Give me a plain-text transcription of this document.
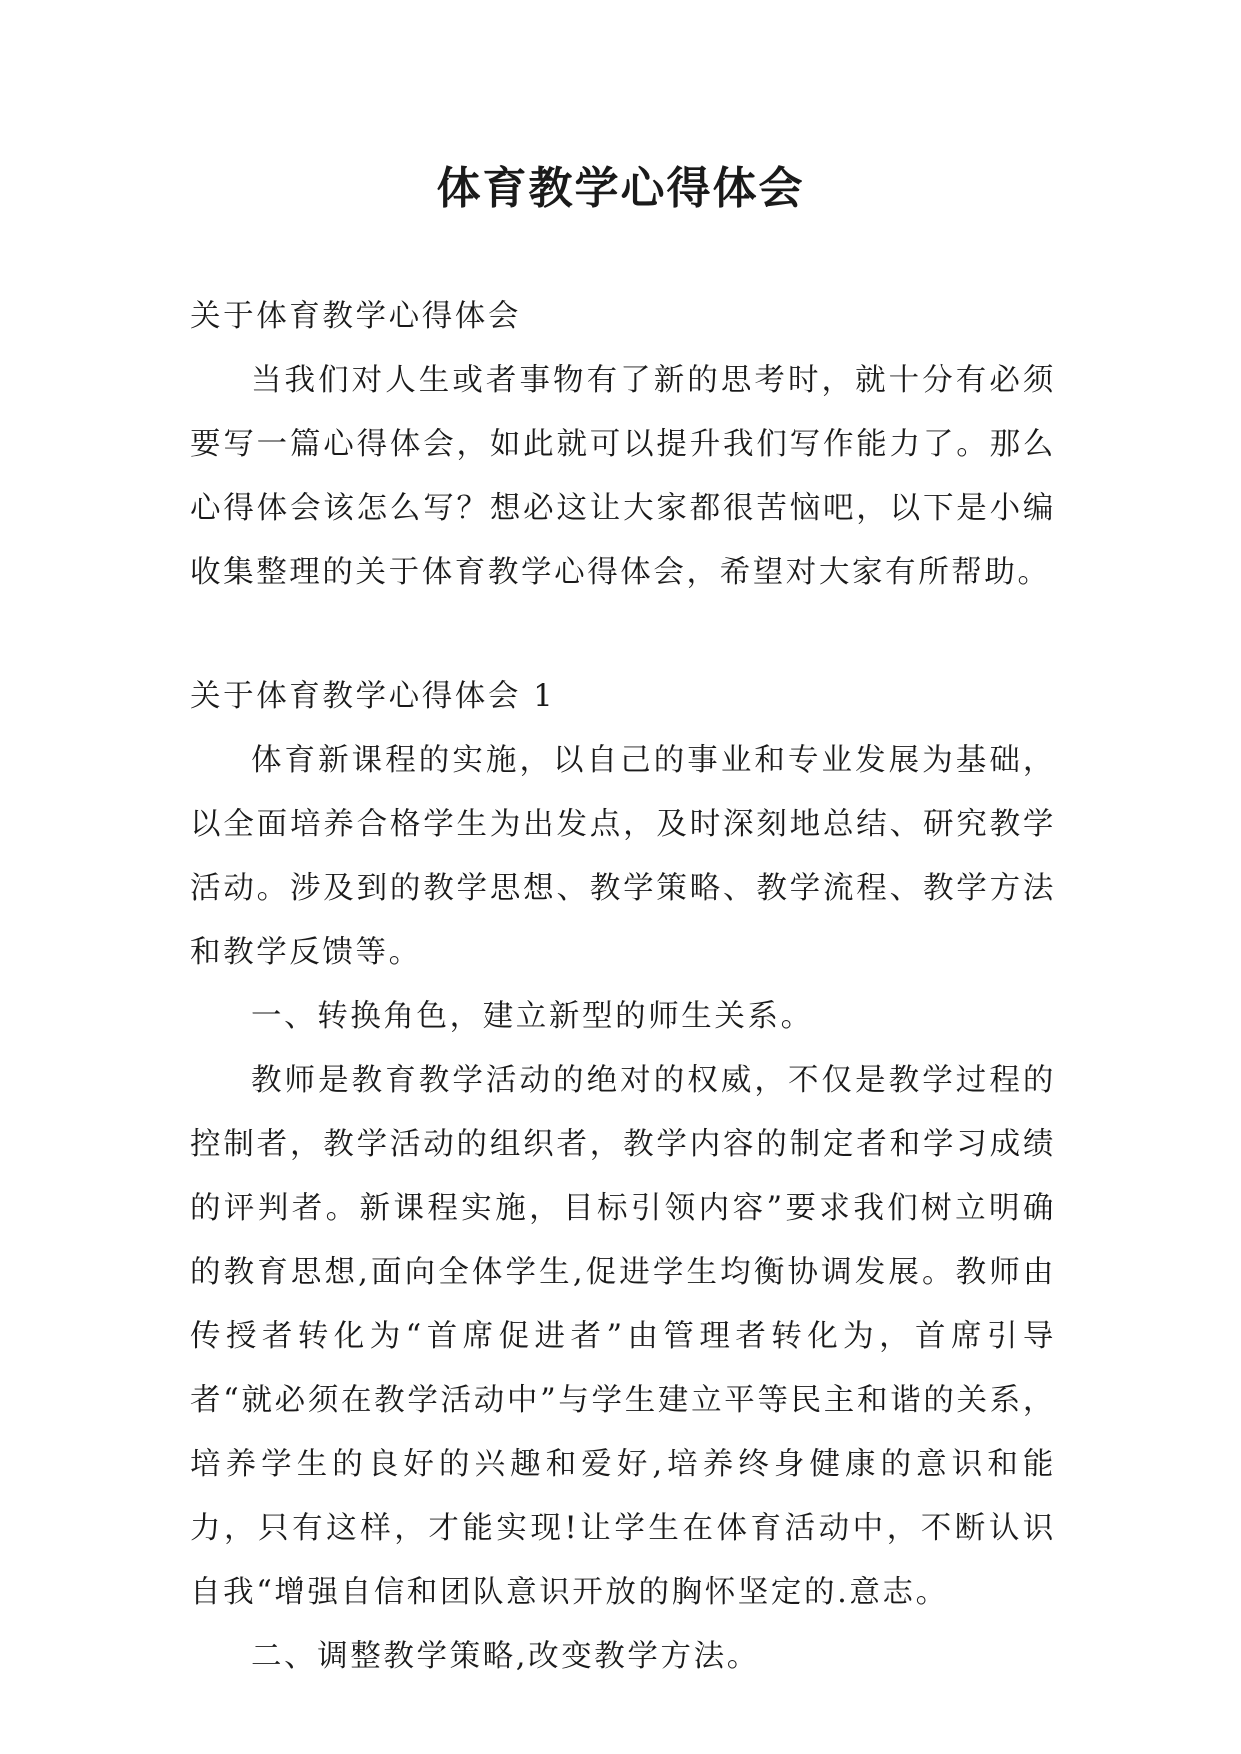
体育教学心得体会

关于体育教学心得体会

当我们对人生或者事物有了新的思考时，就十分有必须要写一篇心得体会，如此就可以提升我们写作能力了。那么心得体会该怎么写？想必这让大家都很苦恼吧，以下是小编收集整理的关于体育教学心得体会，希望对大家有所帮助。

关于体育教学心得体会 1

体育新课程的实施，以自己的事业和专业发展为基础，以全面培养合格学生为出发点，及时深刻地总结、研究教学活动。涉及到的教学思想、教学策略、教学流程、教学方法和教学反馈等。

一、转换角色，建立新型的师生关系。

教师是教育教学活动的绝对的权威，不仅是教学过程的控制者，教学活动的组织者，教学内容的制定者和学习成绩的评判者。新课程实施，目标引领内容”要求我们树立明确的教育思想,面向全体学生,促进学生均衡协调发展。教师由传授者转化为“首席促进者”由管理者转化为，首席引导者“就必须在教学活动中”与学生建立平等民主和谐的关系，培养学生的良好的兴趣和爱好,培养终身健康的意识和能力，只有这样，才能实现!让学生在体育活动中，不断认识自我“增强自信和团队意识开放的胸怀坚定的.意志。

二、调整教学策略,改变教学方法。
